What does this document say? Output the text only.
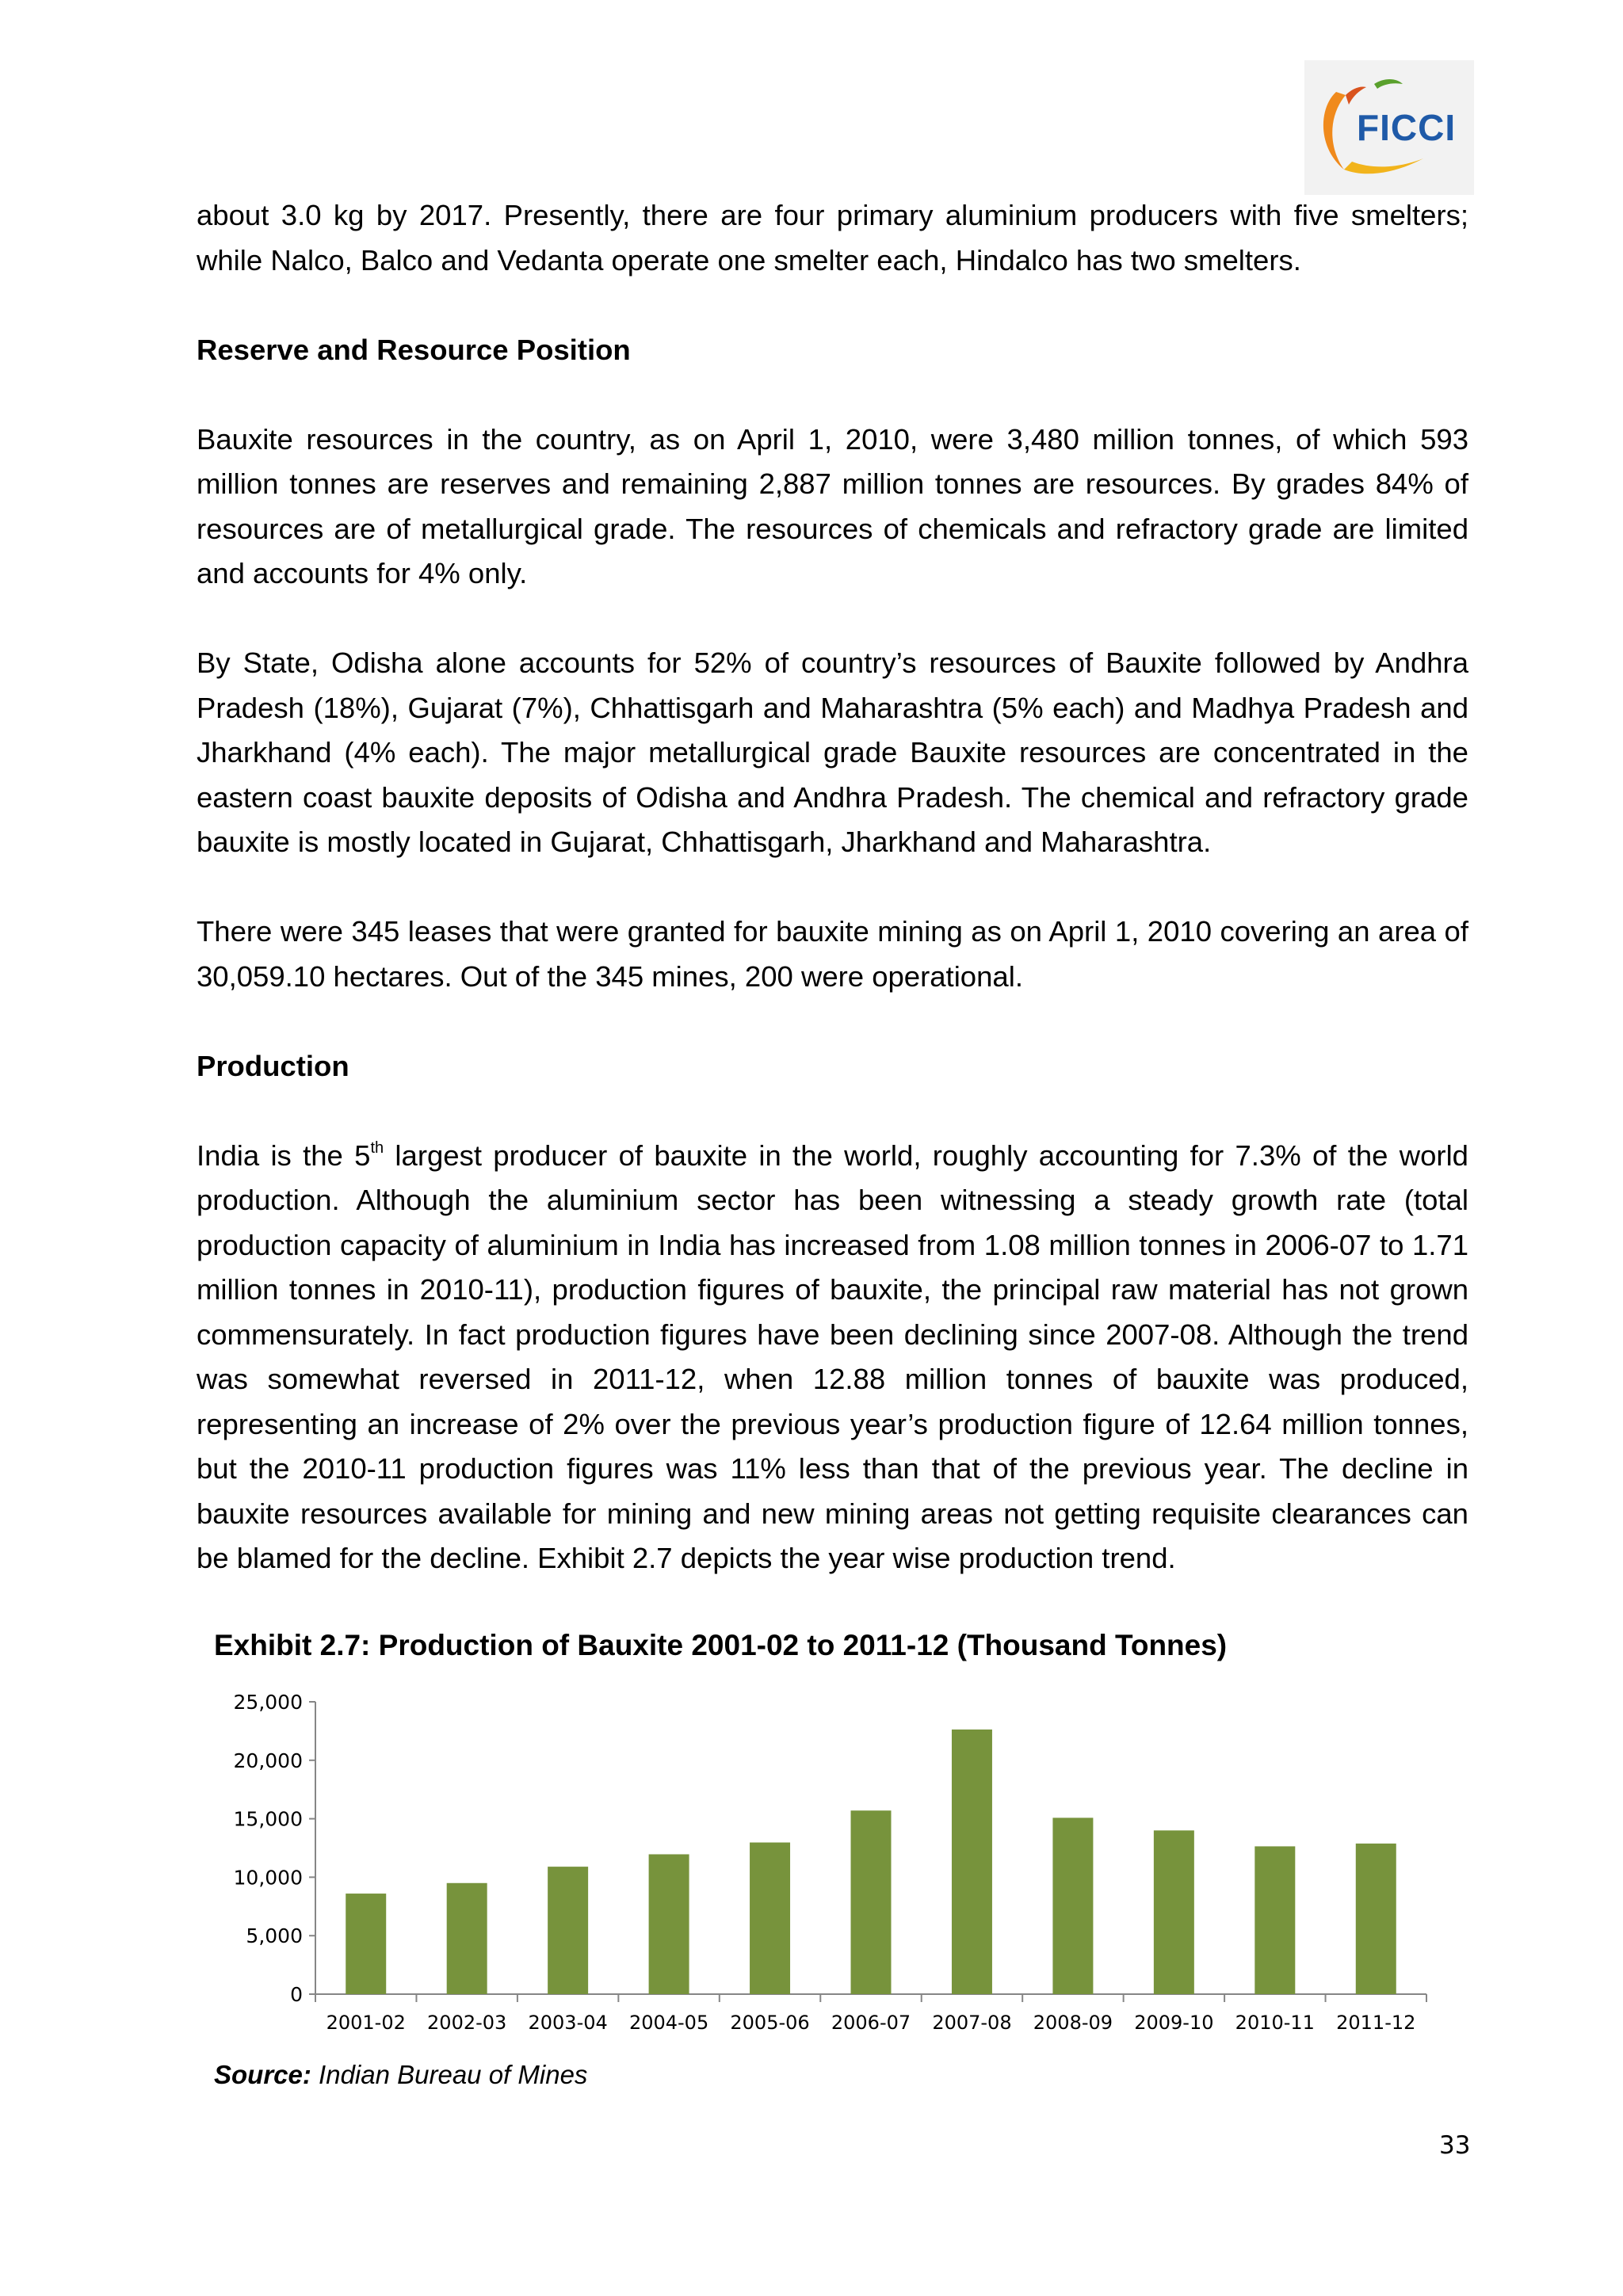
FICCI

about 3.0 kg by 2017. Presently, there are four primary aluminium producers with five smelters; while Nalco, Balco and Vedanta operate one smelter each, Hindalco has two smelters.

Reserve and Resource Position

Bauxite resources in the country, as on April 1, 2010, were 3,480 million tonnes, of which 593 million tonnes are reserves and remaining 2,887 million tonnes are resources. By grades 84% of resources are of metallurgical grade. The resources of chemicals and refractory grade are limited and accounts for 4% only.

By State, Odisha alone accounts for 52% of country’s resources of Bauxite followed by Andhra Pradesh (18%), Gujarat (7%), Chhattisgarh and Maharashtra (5% each) and Madhya Pradesh and Jharkhand (4% each). The major metallurgical grade Bauxite resources are concentrated in the eastern coast bauxite deposits of Odisha and Andhra Pradesh. The chemical and refractory grade bauxite is mostly located in Gujarat, Chhattisgarh, Jharkhand and Maharashtra.

There were 345 leases that were granted for bauxite mining as on April 1, 2010 covering an area of 30,059.10 hectares. Out of the 345 mines, 200 were operational.

Production

India is the 5th largest producer of bauxite in the world, roughly accounting for 7.3% of the world production. Although the aluminium sector has been witnessing a steady growth rate (total production capacity of aluminium in India has increased from 1.08 million tonnes in 2006-07 to 1.71 million tonnes in 2010-11), production figures of bauxite, the principal raw material has not grown commensurately. In fact production figures have been declining since 2007-08. Although the trend was somewhat reversed in 2011-12, when 12.88 million tonnes of bauxite was produced, representing an increase of 2% over the previous year’s production figure of 12.64 million tonnes, but the 2010-11 production figures was 11% less than that of the previous year. The decline in bauxite resources available for mining and new mining areas not getting requisite clearances can be blamed for the decline. Exhibit 2.7 depicts the year wise production trend.

Exhibit 2.7: Production of Bauxite 2001-02 to 2011-12 (Thousand Tonnes)
0
5,000
10,000
15,000
20,000
25,000
2001-02 2002-03 2003-04 2004-05 2005-06 2006-07 2007-08 2008-09 2009-10 2010-11 2011-12
Source: Indian Bureau of Mines
33
